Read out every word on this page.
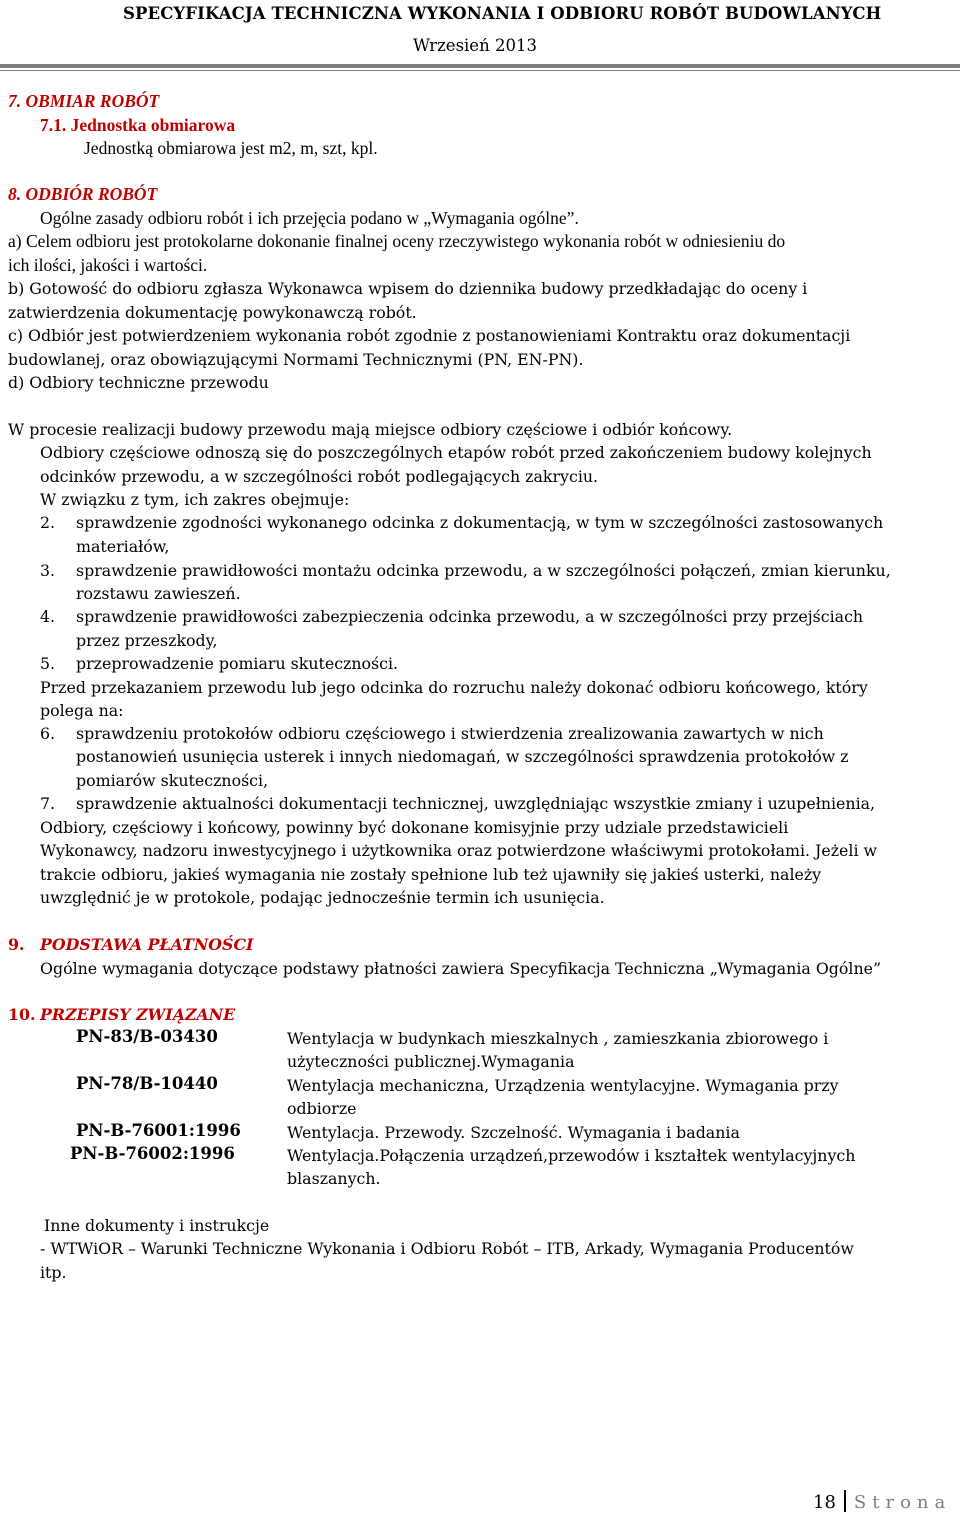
SPECYFIKACJA TECHNICZNA WYKONANIA I ODBIORU ROBÓT BUDOWLANYCH
Wrzesień 2013
7. OBMIAR ROBÓT
7.1. Jednostka obmiarowa
Jednostką obmiarowa jest m2, m, szt, kpl.
8. ODBIÓR ROBÓT
Ogólne zasady odbioru robót i ich przejęcia podano w „Wymagania ogólne”.
a) Celem odbioru jest protokolarne dokonanie finalnej oceny rzeczywistego wykonania robót w odniesieniu do
ich ilości, jakości i wartości.
b) Gotowość do odbioru zgłasza Wykonawca wpisem do dziennika budowy przedkładając do oceny i
zatwierdzenia dokumentację powykonawczą robót.
c) Odbiór jest potwierdzeniem wykonania robót zgodnie z postanowieniami Kontraktu oraz dokumentacji
budowlanej, oraz obowiązującymi Normami Technicznymi (PN, EN-PN).
d) Odbiory techniczne przewodu
W procesie realizacji budowy przewodu mają miejsce odbiory częściowe i odbiór końcowy.
Odbiory częściowe odnoszą się do poszczególnych etapów robót przed zakończeniem budowy kolejnych
odcinków przewodu, a w szczególności robót podlegających zakryciu.
W związku z tym, ich zakres obejmuje:
2. sprawdzenie zgodności wykonanego odcinka z dokumentacją, w tym w szczególności zastosowanych
materiałów,
3. sprawdzenie prawidłowości montażu odcinka przewodu, a w szczególności połączeń, zmian kierunku,
rozstawu zawieszeń.
4. sprawdzenie prawidłowości zabezpieczenia odcinka przewodu, a w szczególności przy przejściach
przez przeszkody,
5. przeprowadzenie pomiaru skuteczności.
Przed przekazaniem przewodu lub jego odcinka do rozruchu należy dokonać odbioru końcowego, który
polega na:
6. sprawdzeniu protokołów odbioru częściowego i stwierdzenia zrealizowania zawartych w nich
postanowień usunięcia usterek i innych niedomagań, w szczególności sprawdzenia protokołów z
pomiarów skuteczności,
7. sprawdzenie aktualności dokumentacji technicznej, uwzględniając wszystkie zmiany i uzupełnienia,
Odbiory, częściowy i końcowy, powinny być dokonane komisyjnie przy udziale przedstawicieli
Wykonawcy, nadzoru inwestycyjnego i użytkownika oraz potwierdzone właściwymi protokołami. Jeżeli w
trakcie odbioru, jakieś wymagania nie zostały spełnione lub też ujawniły się jakieś usterki, należy
uwzględnić je w protokole, podając jednocześnie termin ich usunięcia.
9. PODSTAWA PŁATNOŚCI
Ogólne wymagania dotyczące podstawy płatności zawiera Specyfikacja Techniczna „Wymagania Ogólne”
10. PRZEPISY ZWIĄZANE
PN-83/B-03430	Wentylacja w budynkach mieszkalnych , zamieszkania zbiorowego i
użyteczności publicznej.Wymagania
PN-78/B-10440	Wentylacja mechaniczna, Urządzenia wentylacyjne. Wymagania przy
odbiorze
PN-B-76001:1996	Wentylacja. Przewody. Szczelność. Wymagania i badania
PN-B-76002:1996	Wentylacja.Połączenia urządzeń,przewodów i kształtek wentylacyjnych
blaszanych.
Inne dokumenty i instrukcje
- WTWiOR – Warunki Techniczne Wykonania i Odbioru Robót – ITB, Arkady, Wymagania Producentów
itp.
18 Strona
